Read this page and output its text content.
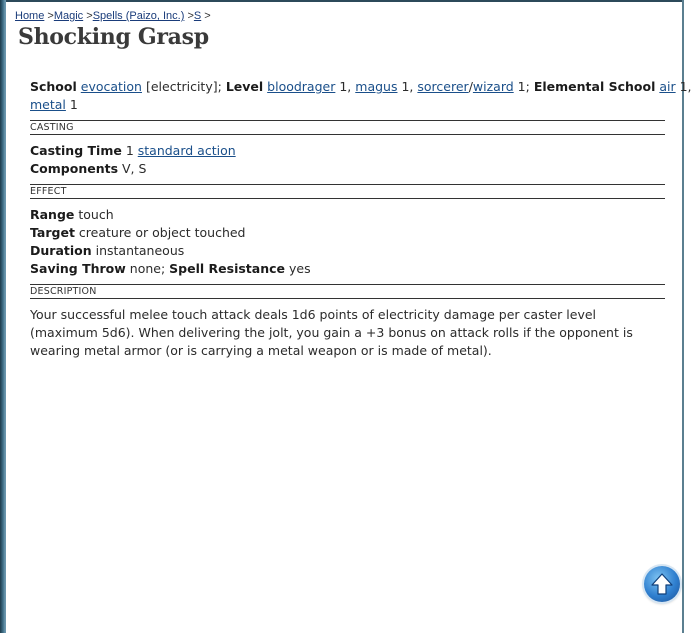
Home >Magic >Spells (Paizo, Inc.) >S >
Shocking Grasp
School evocation [electricity]; Level bloodrager 1, magus 1, sorcerer/wizard 1; Elemental School air 1,
metal 1
CASTING
Casting Time 1 standard action
Components V, S
EFFECT
Range touch
Target creature or object touched
Duration instantaneous
Saving Throw none; Spell Resistance yes
DESCRIPTION
Your successful melee touch attack deals 1d6 points of electricity damage per caster level (maximum 5d6). When delivering the jolt, you gain a +3 bonus on attack rolls if the opponent is wearing metal armor (or is carrying a metal weapon or is made of metal).
